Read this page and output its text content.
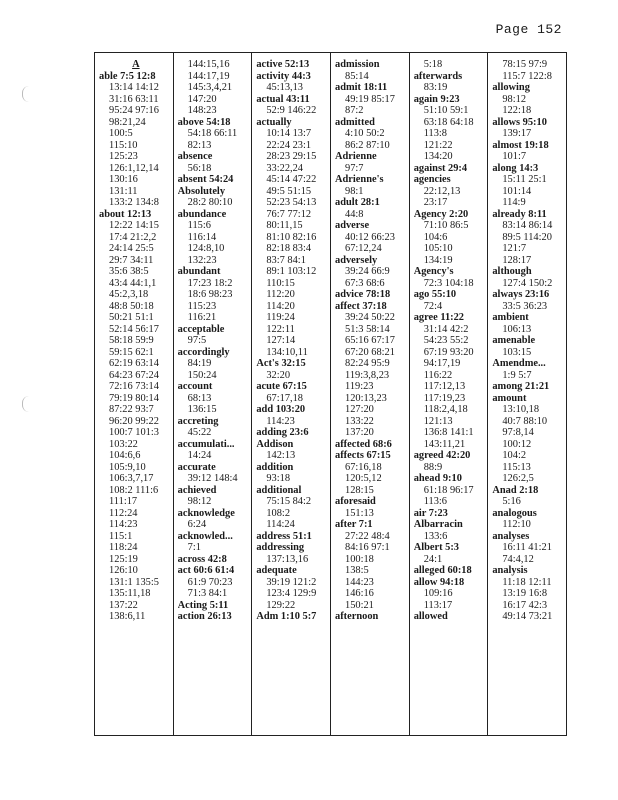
Page 152
A
able 7:5 12:8
13:14 14:12
31:16 63:11
95:24 97:16
98:21,24
100:5
115:10
125:23
126:1,12,14
130:16
131:11
133:2 134:8
about 12:13
12:22 14:15
17:4 21:2,2
24:14 25:5
29:7 34:11
35:6 38:5
43:4 44:1,1
45:2,3,18
48:8 50:18
50:21 51:1
52:14 56:17
58:18 59:9
59:15 62:1
62:19 63:14
64:23 67:24
72:16 73:14
79:19 80:14
87:22 93:7
96:20 99:22
100:7 101:3
103:22
104:6,6
105:9,10
106:3,7,17
108:2 111:6
111:17
112:24
114:23
115:1
118:24
125:19
126:10
131:1 135:5
135:11,18
137:22
138:6,11
144:15,16
144:17,19
145:3,4,21
147:20
148:23
above 54:18
54:18 66:11
82:13
absence
56:18
absent 54:24
Absolutely
28:2 80:10
abundance
115:6
116:14
124:8,10
132:23
abundant
17:23 18:2
18:6 98:23
115:23
116:21
acceptable
97:5
accordingly
84:19
150:24
account
68:13
136:15
accreting
45:22
accumulati...
14:24
accurate
39:12 148:4
achieved
98:12
acknowledge
6:24
acknowled...
7:1
across 42:8
act 60:6 61:4
61:9 70:23
71:3 84:1
Acting 5:11
action 26:13
active 52:13
activity 44:3
45:13,13
actual 43:11
52:9 146:22
actually
10:14 13:7
22:24 23:1
28:23 29:15
33:22,24
45:14 47:22
49:5 51:15
52:23 54:13
76:7 77:12
80:11,15
81:10 82:16
82:18 83:4
83:7 84:1
89:1 103:12
110:15
112:20
114:20
119:24
122:11
127:14
134:10,11
Act's 32:15
32:20
acute 67:15
67:17,18
add 103:20
114:23
adding 23:6
Addison
142:13
addition
93:18
additional
75:15 84:2
108:2
114:24
address 51:1
addressing
137:13,16
adequate
39:19 121:2
123:4 129:9
129:22
Adm 1:10 5:7
admission
85:14
admit 18:11
49:19 85:17
87:2
admitted
4:10 50:2
86:2 87:10
Adrienne
97:7
Adrienne's
98:1
adult 28:1
44:8
adverse
40:12 66:23
67:12,24
adversely
39:24 66:9
67:3 68:6
advice 78:18
affect 37:18
39:24 50:22
51:3 58:14
65:16 67:17
67:20 68:21
82:24 95:9
119:3,8,23
119:23
120:13,23
127:20
133:22
137:20
affected 68:6
affects 67:15
67:16,18
120:5,12
128:15
aforesaid
151:13
after 7:1
27:22 48:4
84:16 97:1
100:18
138:5
144:23
146:16
150:21
afternoon
5:18
afterwards
83:19
again 9:23
51:10 59:1
63:18 64:18
113:8
121:22
134:20
against 29:4
agencies
22:12,13
23:17
Agency 2:20
71:10 86:5
104:6
105:10
134:19
Agency's
72:3 104:18
ago 55:10
72:4
agree 11:22
31:14 42:2
54:23 55:2
67:19 93:20
94:17,19
116:22
117:12,13
117:19,23
118:2,4,18
121:13
136:8 141:1
143:11,21
agreed 42:20
88:9
ahead 9:10
61:18 96:17
113:6
air 7:23
Albarracin
133:6
Albert 5:3
24:1
alleged 60:18
allow 94:18
109:16
113:17
allowed
78:15 97:9
115:7 122:8
allowing
98:12
122:18
allows 95:10
139:17
almost 19:18
101:7
along 14:3
15:11 25:1
101:14
114:9
already 8:11
83:14 86:14
89:5 114:20
121:7
128:17
although
127:4 150:2
always 23:16
33:5 36:23
ambient
106:13
amenable
103:15
Amendme...
1:9 5:7
among 21:21
amount
13:10,18
40:7 88:10
97:8,14
100:12
104:2
115:13
126:2,5
Anad 2:18
5:16
analogous
112:10
analyses
16:11 41:21
74:4,12
analysis
11:18 12:11
13:19 16:8
16:17 42:3
49:14 73:21
